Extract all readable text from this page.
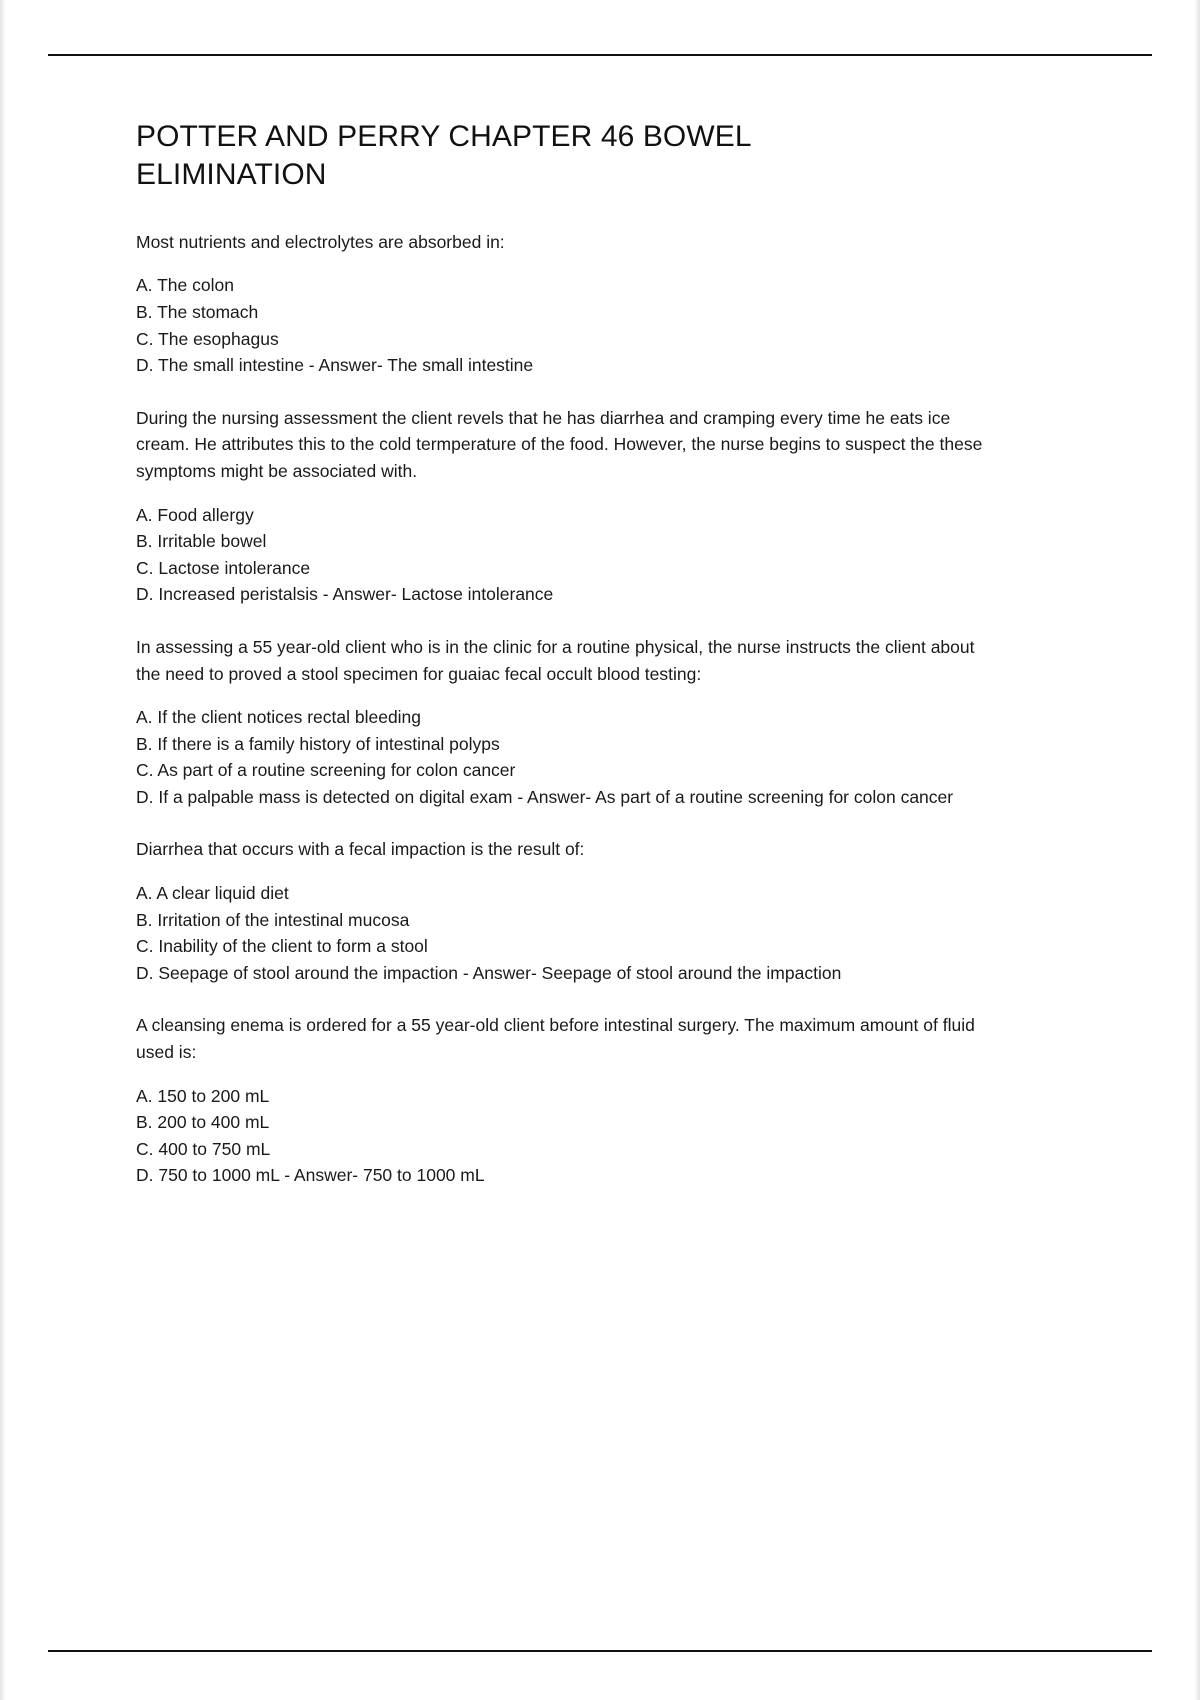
POTTER AND PERRY CHAPTER 46 BOWEL ELIMINATION

Most nutrients and electrolytes are absorbed in:

A. The colon
B. The stomach
C. The esophagus
D. The small intestine - Answer- The small intestine

During the nursing assessment the client revels that he has diarrhea and cramping every time he eats ice cream. He attributes this to the cold termperature of the food. However, the nurse begins to suspect the these symptoms might be associated with.

A. Food allergy
B. Irritable bowel
C. Lactose intolerance
D. Increased peristalsis - Answer- Lactose intolerance

In assessing a 55 year-old client who is in the clinic for a routine physical, the nurse instructs the client about the need to proved a stool specimen for guaiac fecal occult blood testing:

A. If the client notices rectal bleeding
B. If there is a family history of intestinal polyps
C. As part of a routine screening for colon cancer
D. If a palpable mass is detected on digital exam - Answer- As part of a routine screening for colon cancer

Diarrhea that occurs with a fecal impaction is the result of:

A. A clear liquid diet
B. Irritation of the intestinal mucosa
C. Inability of the client to form a stool
D. Seepage of stool around the impaction - Answer- Seepage of stool around the impaction

A cleansing enema is ordered for a 55 year-old client before intestinal surgery. The maximum amount of fluid used is:

A. 150 to 200 mL
B. 200 to 400 mL
C. 400 to 750 mL
D. 750 to 1000 mL - Answer- 750 to 1000 mL
